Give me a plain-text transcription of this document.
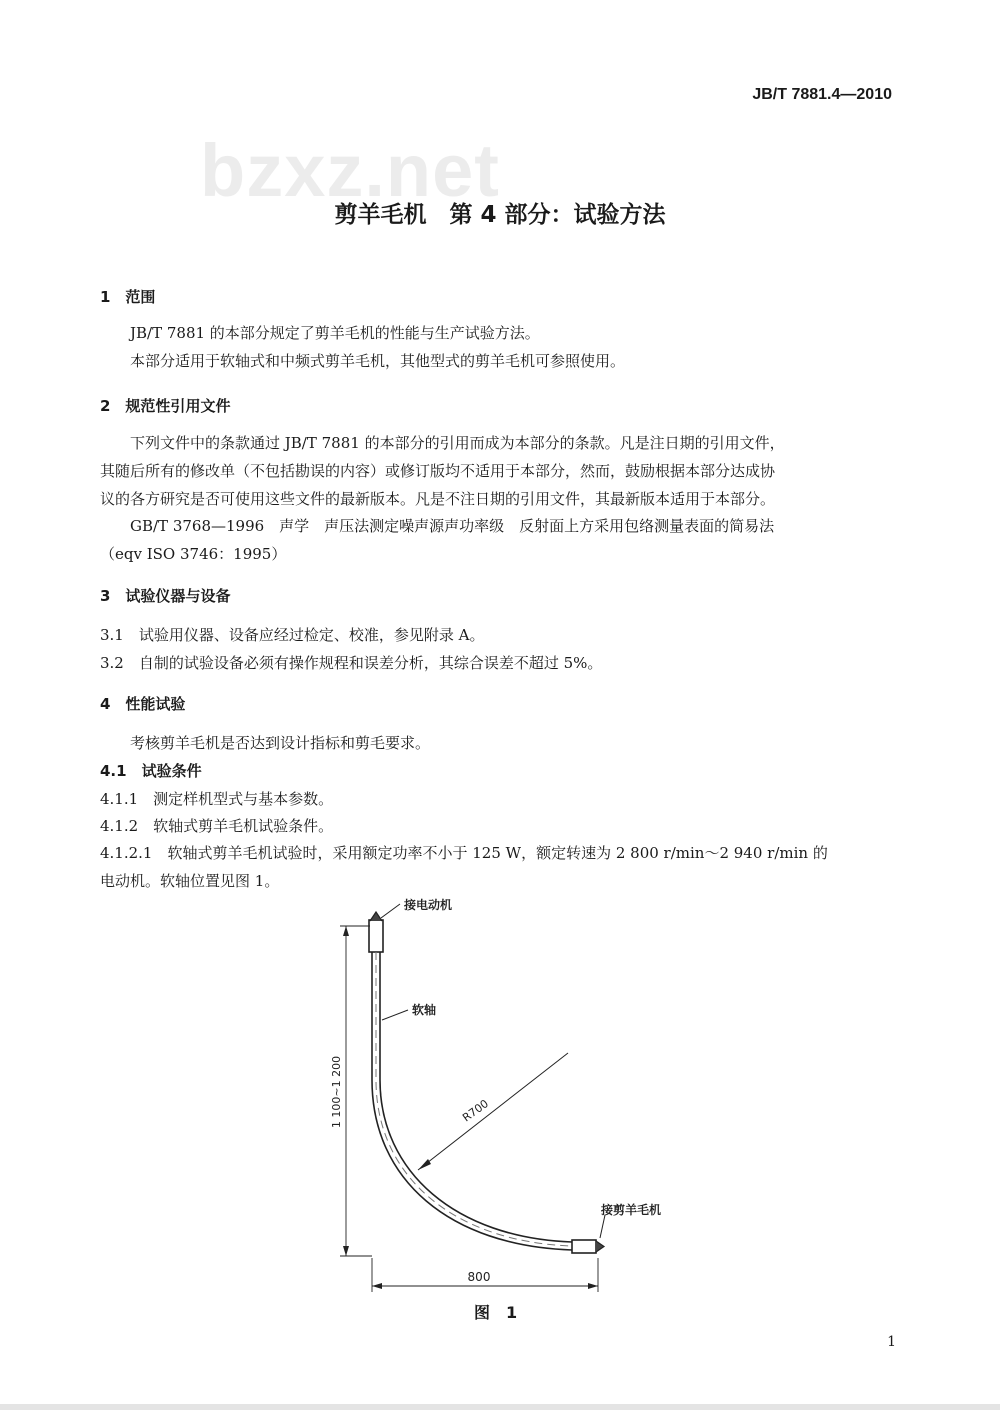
JB/T 7881.4—2010
bzxz.net
剪羊毛机　第 4 部分：试验方法
1　范围
JB/T 7881 的本部分规定了剪羊毛机的性能与生产试验方法。
本部分适用于软轴式和中频式剪羊毛机，其他型式的剪羊毛机可参照使用。
2　规范性引用文件
下列文件中的条款通过 JB/T 7881 的本部分的引用而成为本部分的条款。凡是注日期的引用文件，
其随后所有的修改单（不包括勘误的内容）或修订版均不适用于本部分，然而，鼓励根据本部分达成协
议的各方研究是否可使用这些文件的最新版本。凡是不注日期的引用文件，其最新版本适用于本部分。
GB/T 3768—1996　声学　声压法测定噪声源声功率级　反射面上方采用包络测量表面的简易法
（eqv ISO 3746：1995）
3　试验仪器与设备
3.1　试验用仪器、设备应经过检定、校准，参见附录 A。
3.2　自制的试验设备必须有操作规程和误差分析，其综合误差不超过 5%。
4　性能试验
考核剪羊毛机是否达到设计指标和剪毛要求。
4.1　试验条件
4.1.1　测定样机型式与基本参数。
4.1.2　软轴式剪羊毛机试验条件。
4.1.2.1　软轴式剪羊毛机试验时，采用额定功率不小于 125 W，额定转速为 2 800 r/min～2 940 r/min 的
电动机。软轴位置见图 1。
接电动机
软轴
R700
1 100~1 200
接剪羊毛机
800
图　1
1
